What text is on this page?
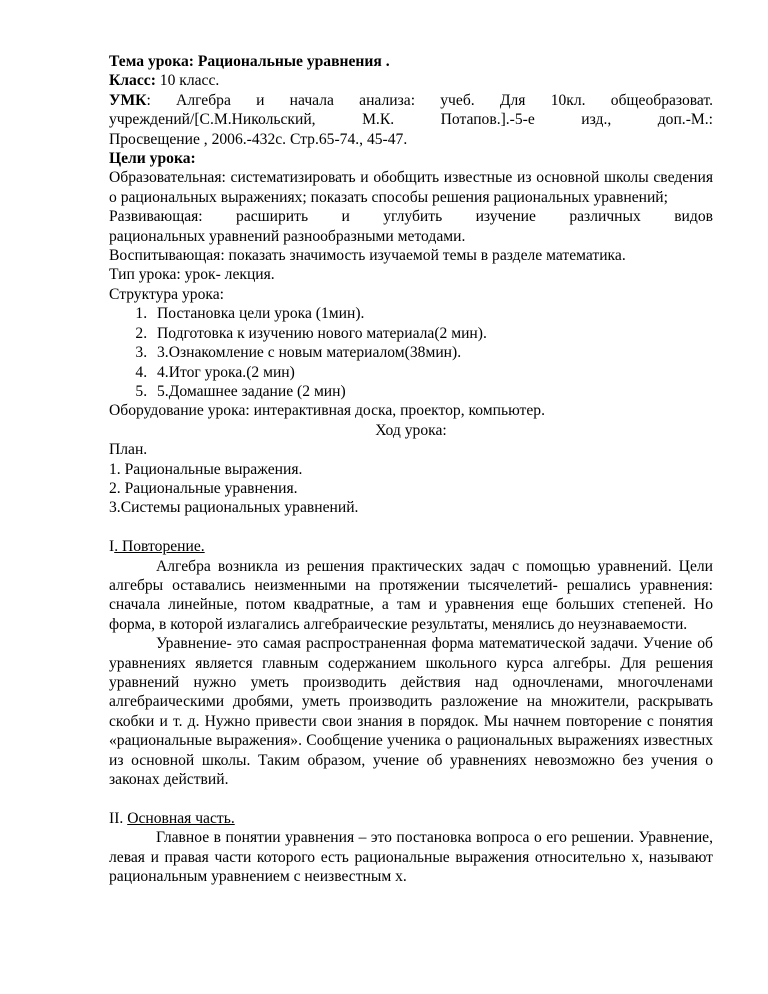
Тема урока: Рациональные уравнения .

Класс: 10 класс.

УМК: Алгебра и начала анализа: учеб. Для 10кл. общеобразоват.

учреждений/[С.М.Никольский, М.К. Потапов.].-5-е изд., доп.-М.:

Просвещение , 2006.-432с. Стр.65-74., 45-47.

Цели урока:

Образовательная: систематизировать и обобщить известные из основной школы сведения о рациональных выражениях; показать способы решения рациональных уравнений;

Развивающая: расширить и углубить изучение различных видов

рациональных уравнений разнообразными методами.

Воспитывающая: показать значимость изучаемой темы в разделе математика.

Тип урока: урок- лекция.

Структура урока:

1. Постановка цели урока (1мин).
2. Подготовка к изучению нового материала(2 мин).
3. 3.Ознакомление с новым материалом(38мин).
4. 4.Итог урока.(2 мин)
5. 5.Домашнее задание (2 мин)

Оборудование урока: интерактивная доска, проектор, компьютер.

Ход урока:

План.

1. Рациональные выражения.

2. Рациональные уравнения.

3.Системы рациональных уравнений.

I. Повторение.

Алгебра возникла из решения практических задач с помощью уравнений. Цели алгебры оставались неизменными на протяжении тысячелетий- решались уравнения: сначала линейные, потом квадратные, а там и уравнения еще больших степеней. Но форма, в которой излагались алгебраические результаты, менялись до неузнаваемости.

Уравнение- это самая распространенная форма математической задачи. Учение об уравнениях является главным содержанием школьного курса алгебры. Для решения уравнений нужно уметь производить действия над одночленами, многочленами алгебраическими дробями, уметь производить разложение на множители, раскрывать скобки и т. д. Нужно привести свои знания в порядок. Мы начнем повторение с понятия «рациональные выражения». Сообщение ученика о рациональных выражениях известных из основной школы. Таким образом, учение об уравнениях невозможно без учения о законах действий.

II. Основная часть.

Главное в понятии уравнения – это постановка вопроса о его решении. Уравнение, левая и правая части которого есть рациональные выражения относительно х, называют рациональным уравнением с неизвестным х.
